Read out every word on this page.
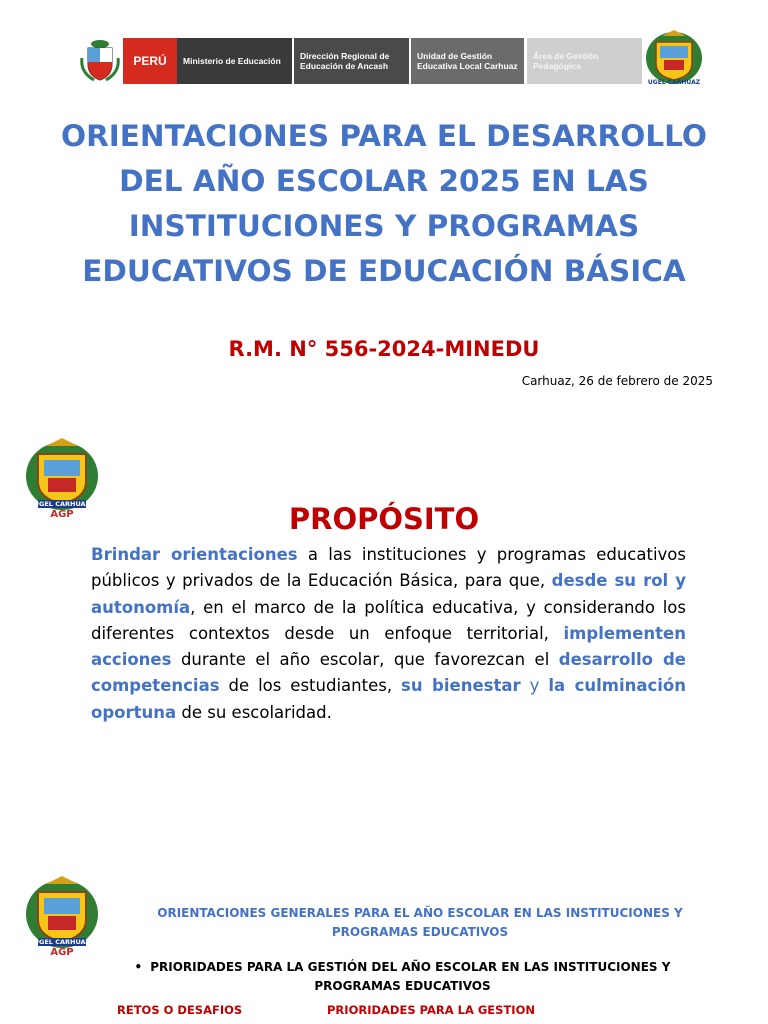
PERÚ	Ministerio de Educación Dirección Regional de Educación de Ancash
Unidad de Gestión Educativa Local Carhuaz
Área de Gestión Pedagógica
UGEL CARHUAZ
ORIENTACIONES PARA EL DESARROLLO DEL AÑO ESCOLAR 2025 EN LAS INSTITUCIONES Y PROGRAMAS EDUCATIVOS DE EDUCACIÓN BÁSICA
R.M. N° 556-2024-MINEDU
Carhuaz, 26 de febrero de 2025
UGEL CARHUAZ
AGP	PROPÓSITO
Brindar orientaciones a las instituciones y programas educativos públicos y privados de la Educación Básica, para que, desde su rol y autonomía, en el marco de la política educativa, y considerando los diferentes contextos desde un enfoque territorial, implementen acciones durante el año escolar, que favorezcan el desarrollo de competencias de los estudiantes, su bienestar y la culminación oportuna de su escolaridad.
UGEL CARHUAZ
AGP
ORIENTACIONES GENERALES PARA EL AÑO ESCOLAR EN LAS INSTITUCIONES Y PROGRAMAS EDUCATIVOS
• PRIORIDADES PARA LA GESTIÓN DEL AÑO ESCOLAR EN LAS INSTITUCIONES Y PROGRAMAS EDUCATIVOS
RETOS O DESAFIOS	PRIORIDADES PARA LA GESTION
